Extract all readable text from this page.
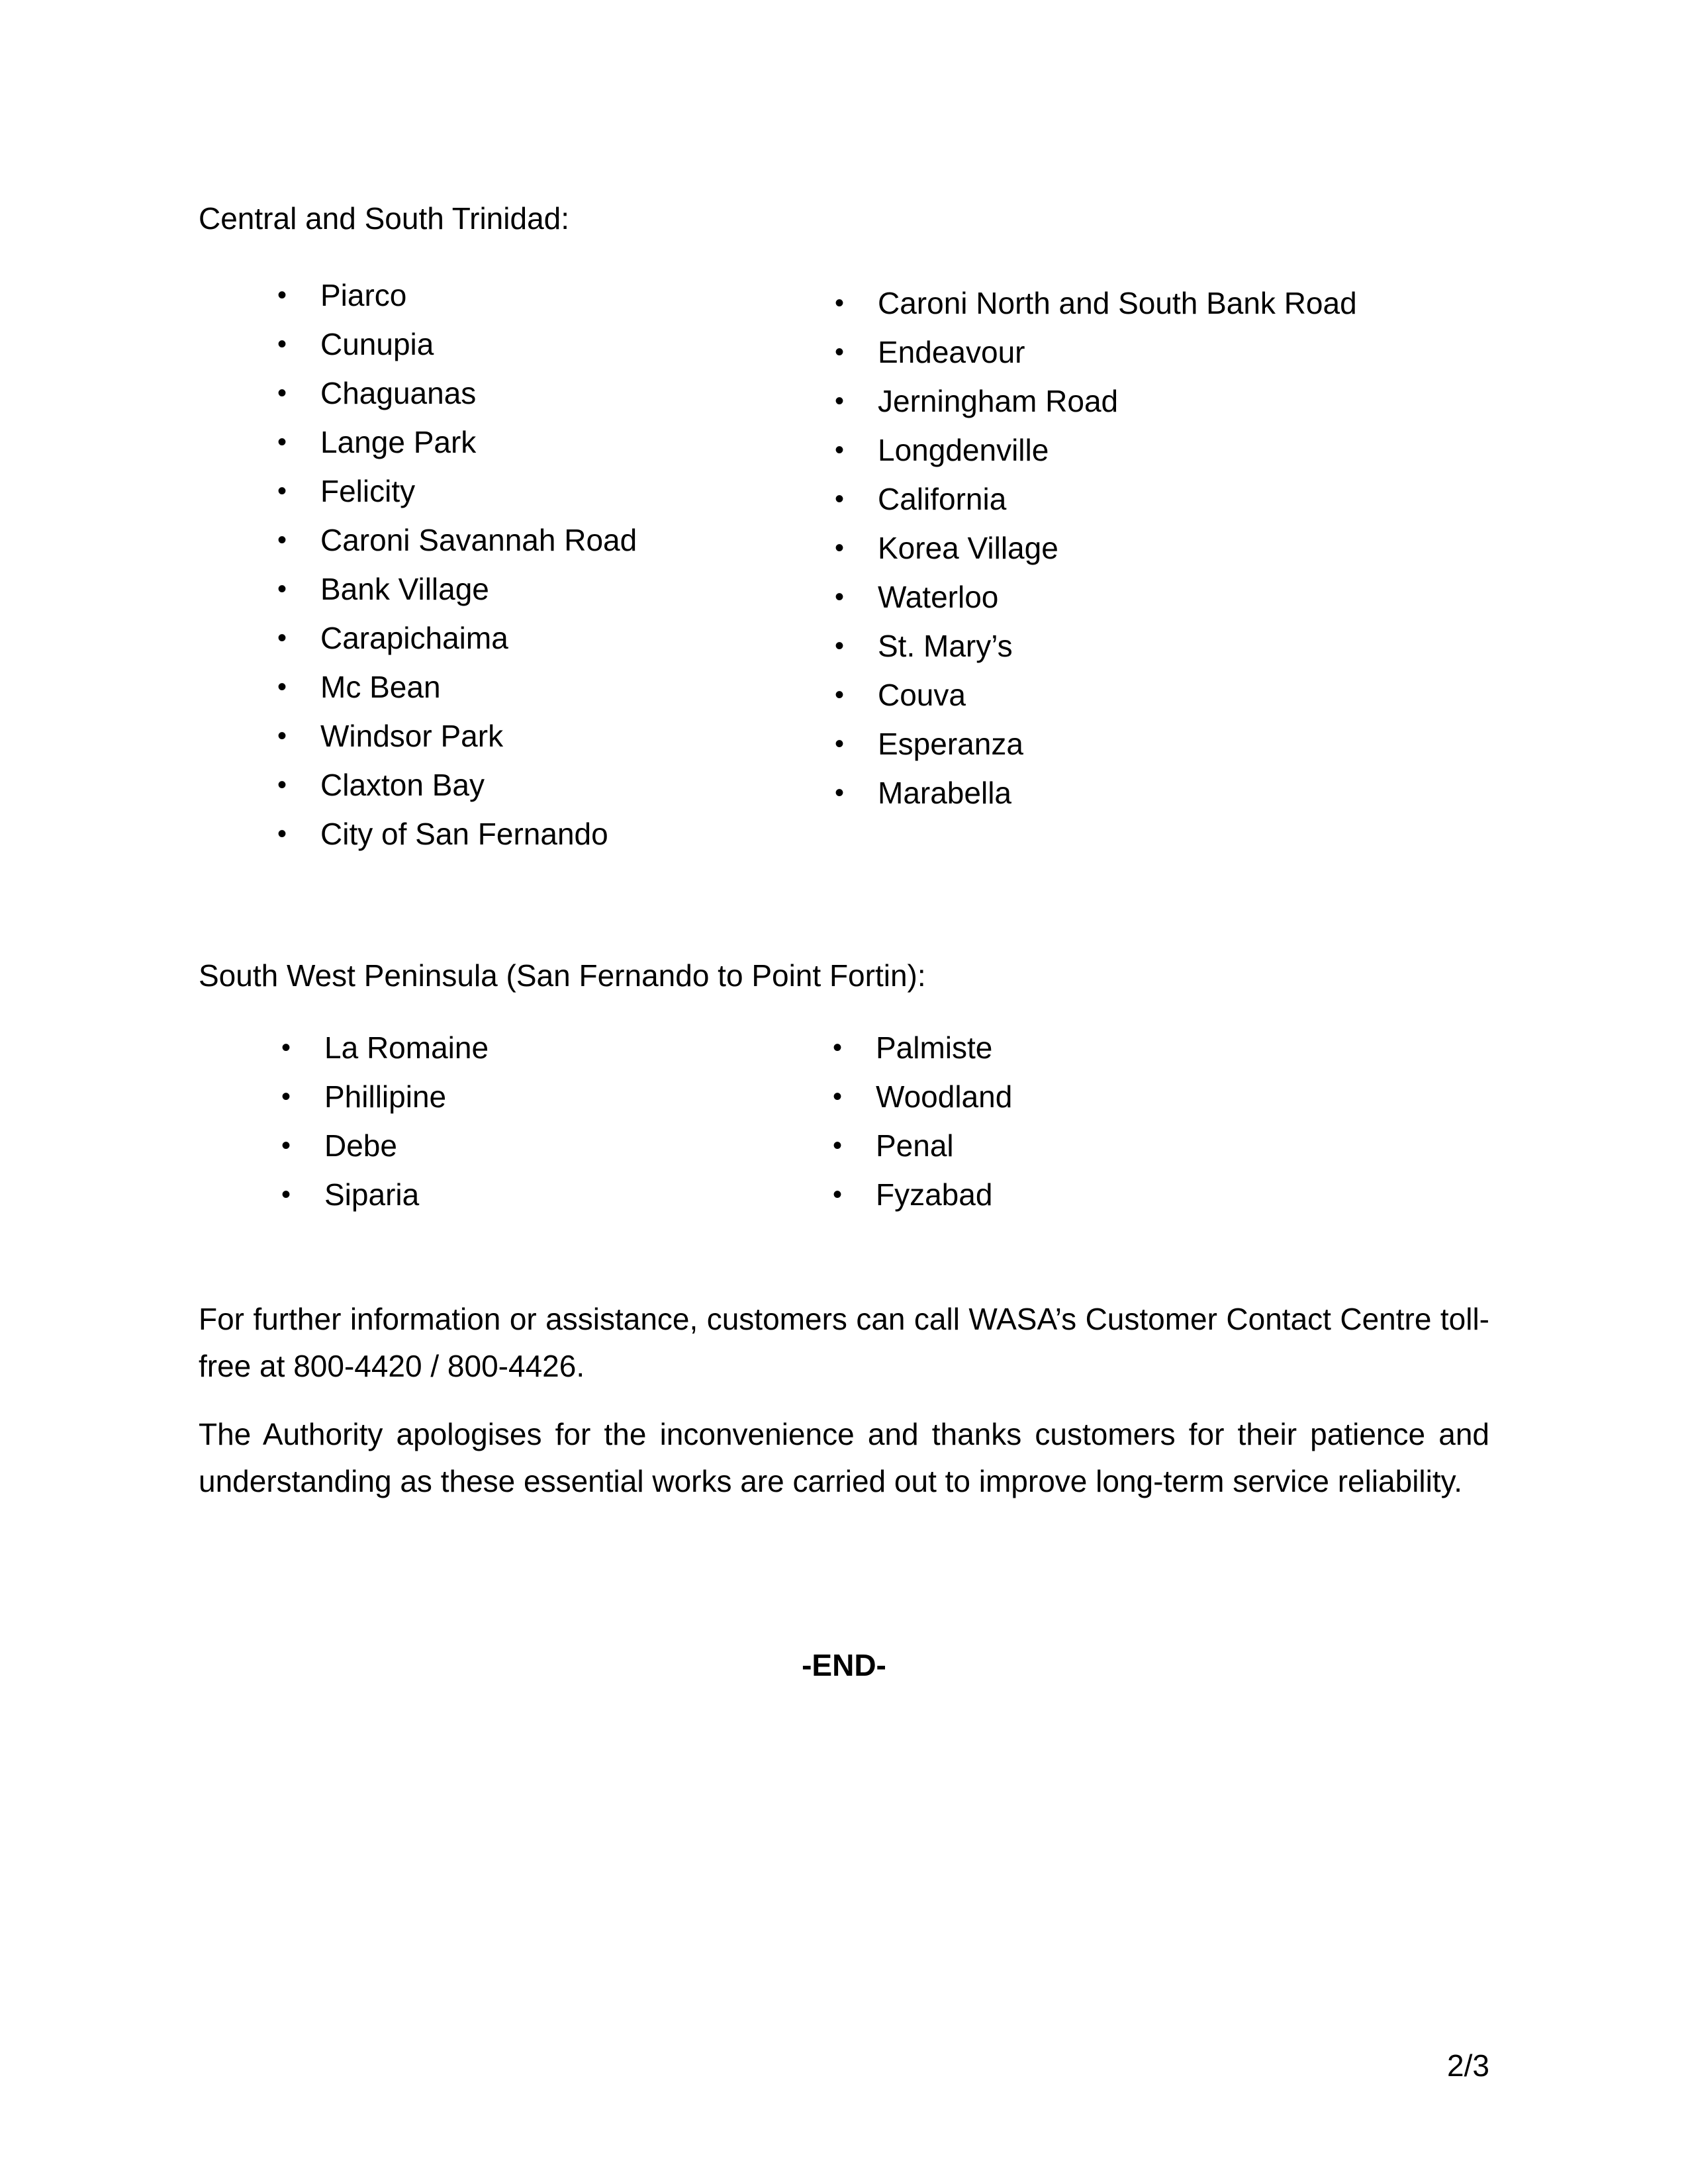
Central and South Trinidad:

• Piarco
• Cunupia
• Chaguanas
• Lange Park
• Felicity
• Caroni Savannah Road
• Bank Village
• Carapichaima
• Mc Bean
• Windsor Park
• Claxton Bay
• City of San Fernando
• Caroni North and South Bank Road
• Endeavour
• Jerningham Road
• Longdenville
• California
• Korea Village
• Waterloo
• St. Mary’s
• Couva
• Esperanza
• Marabella

South West Peninsula (San Fernando to Point Fortin):

• La Romaine
• Phillipine
• Debe
• Siparia
• Palmiste
• Woodland
• Penal
• Fyzabad

For further information or assistance, customers can call WASA’s Customer Contact Centre toll-free at 800-4420 / 800-4426.

The Authority apologises for the inconvenience and thanks customers for their patience and understanding as these essential works are carried out to improve long-term service reliability.

-END-

2/3
